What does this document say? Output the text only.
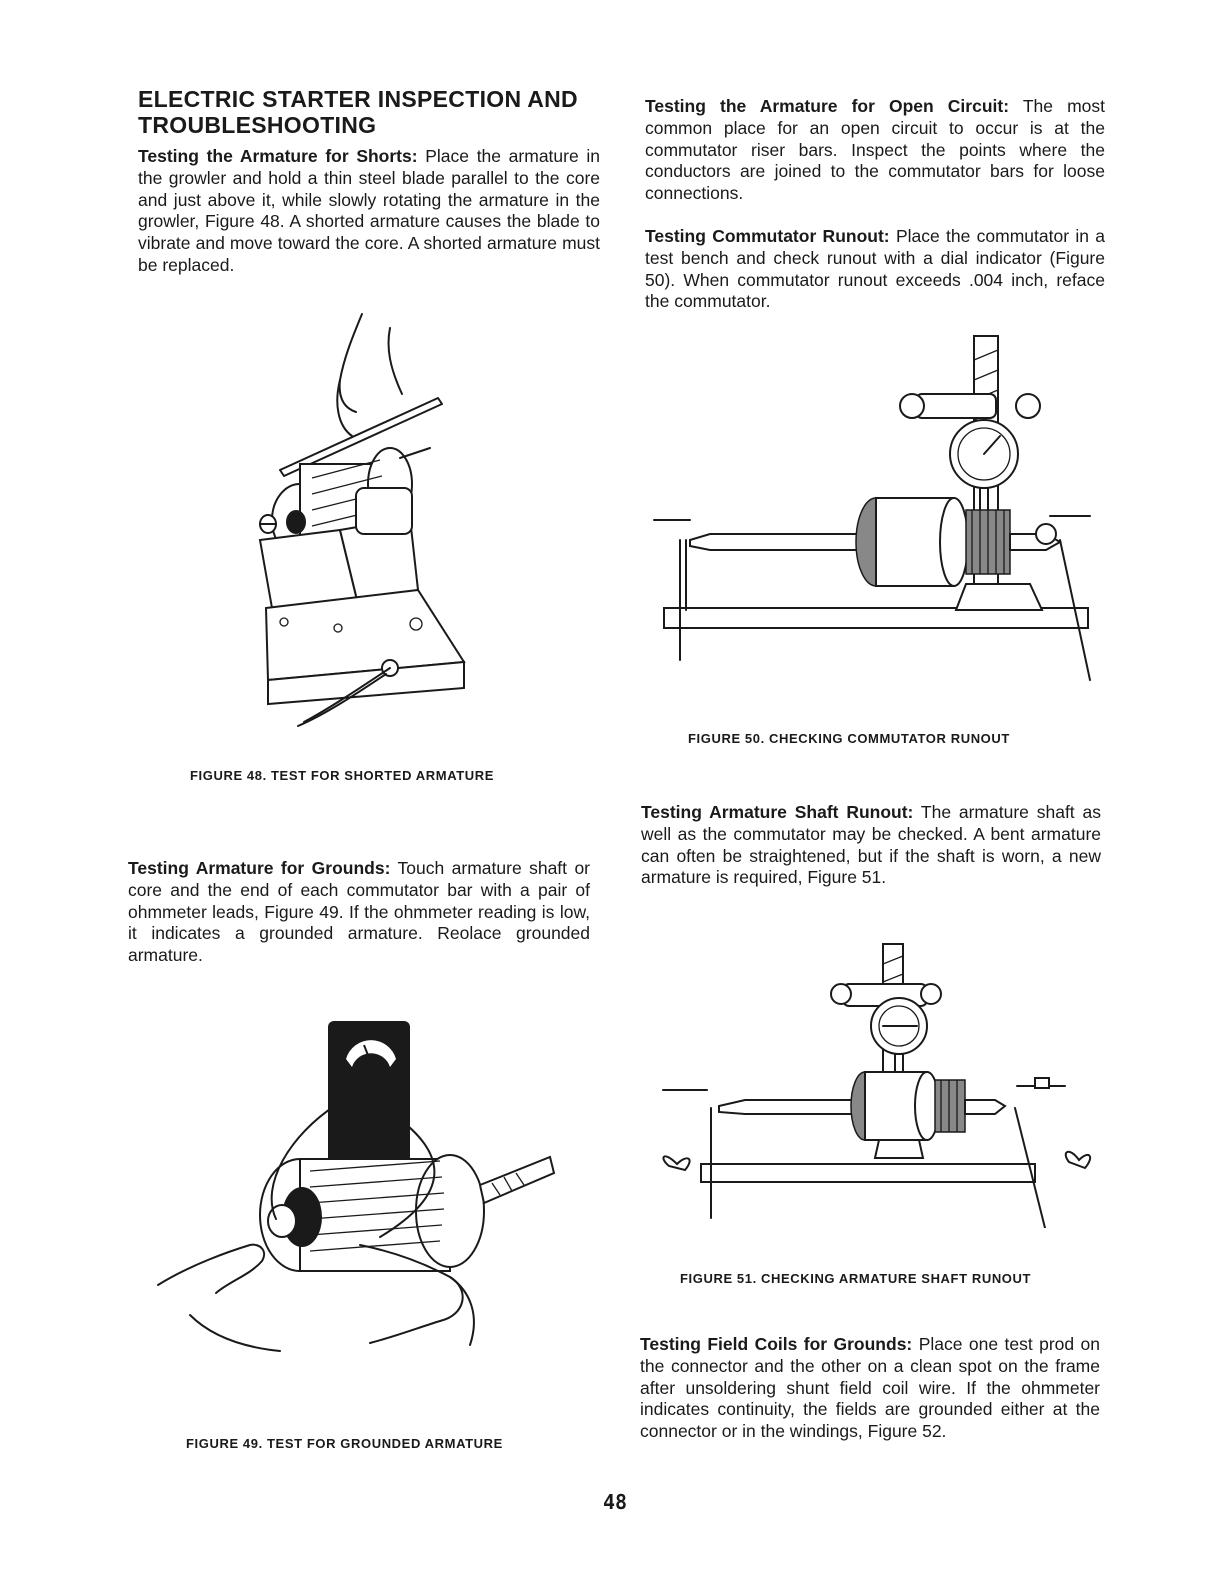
ELECTRIC STARTER INSPECTION AND TROUBLESHOOTING

Testing the Armature for Shorts: Place the armature in the growler and hold a thin steel blade parallel to the core and just above it, while slowly rotating the armature in the growler, Figure 48. A shorted armature causes the blade to vibrate and move toward the core. A shorted armature must be replaced.

FIGURE 48. TEST FOR SHORTED ARMATURE

Testing Armature for Grounds: Touch armature shaft or core and the end of each commutator bar with a pair of ohmmeter leads, Figure 49. If the ohmmeter reading is low, it indicates a grounded armature. Reolace grounded armature.

FIGURE 49. TEST FOR GROUNDED ARMATURE

Testing the Armature for Open Circuit: The most common place for an open circuit to occur is at the commutator riser bars. Inspect the points where the conductors are joined to the commutator bars for loose connections.

Testing Commutator Runout: Place the commutator in a test bench and check runout with a dial indicator (Figure 50). When commutator runout exceeds .004 inch, reface the commutator.

FIGURE 50. CHECKING COMMUTATOR RUNOUT

Testing Armature Shaft Runout: The armature shaft as well as the commutator may be checked. A bent armature can often be straightened, but if the shaft is worn, a new armature is required, Figure 51.

FIGURE 51. CHECKING ARMATURE SHAFT RUNOUT

Testing Field Coils for Grounds: Place one test prod on the connector and the other on a clean spot on the frame after unsoldering shunt field coil wire. If the ohmmeter indicates continuity, the fields are grounded either at the connector or in the windings, Figure 52.

48
